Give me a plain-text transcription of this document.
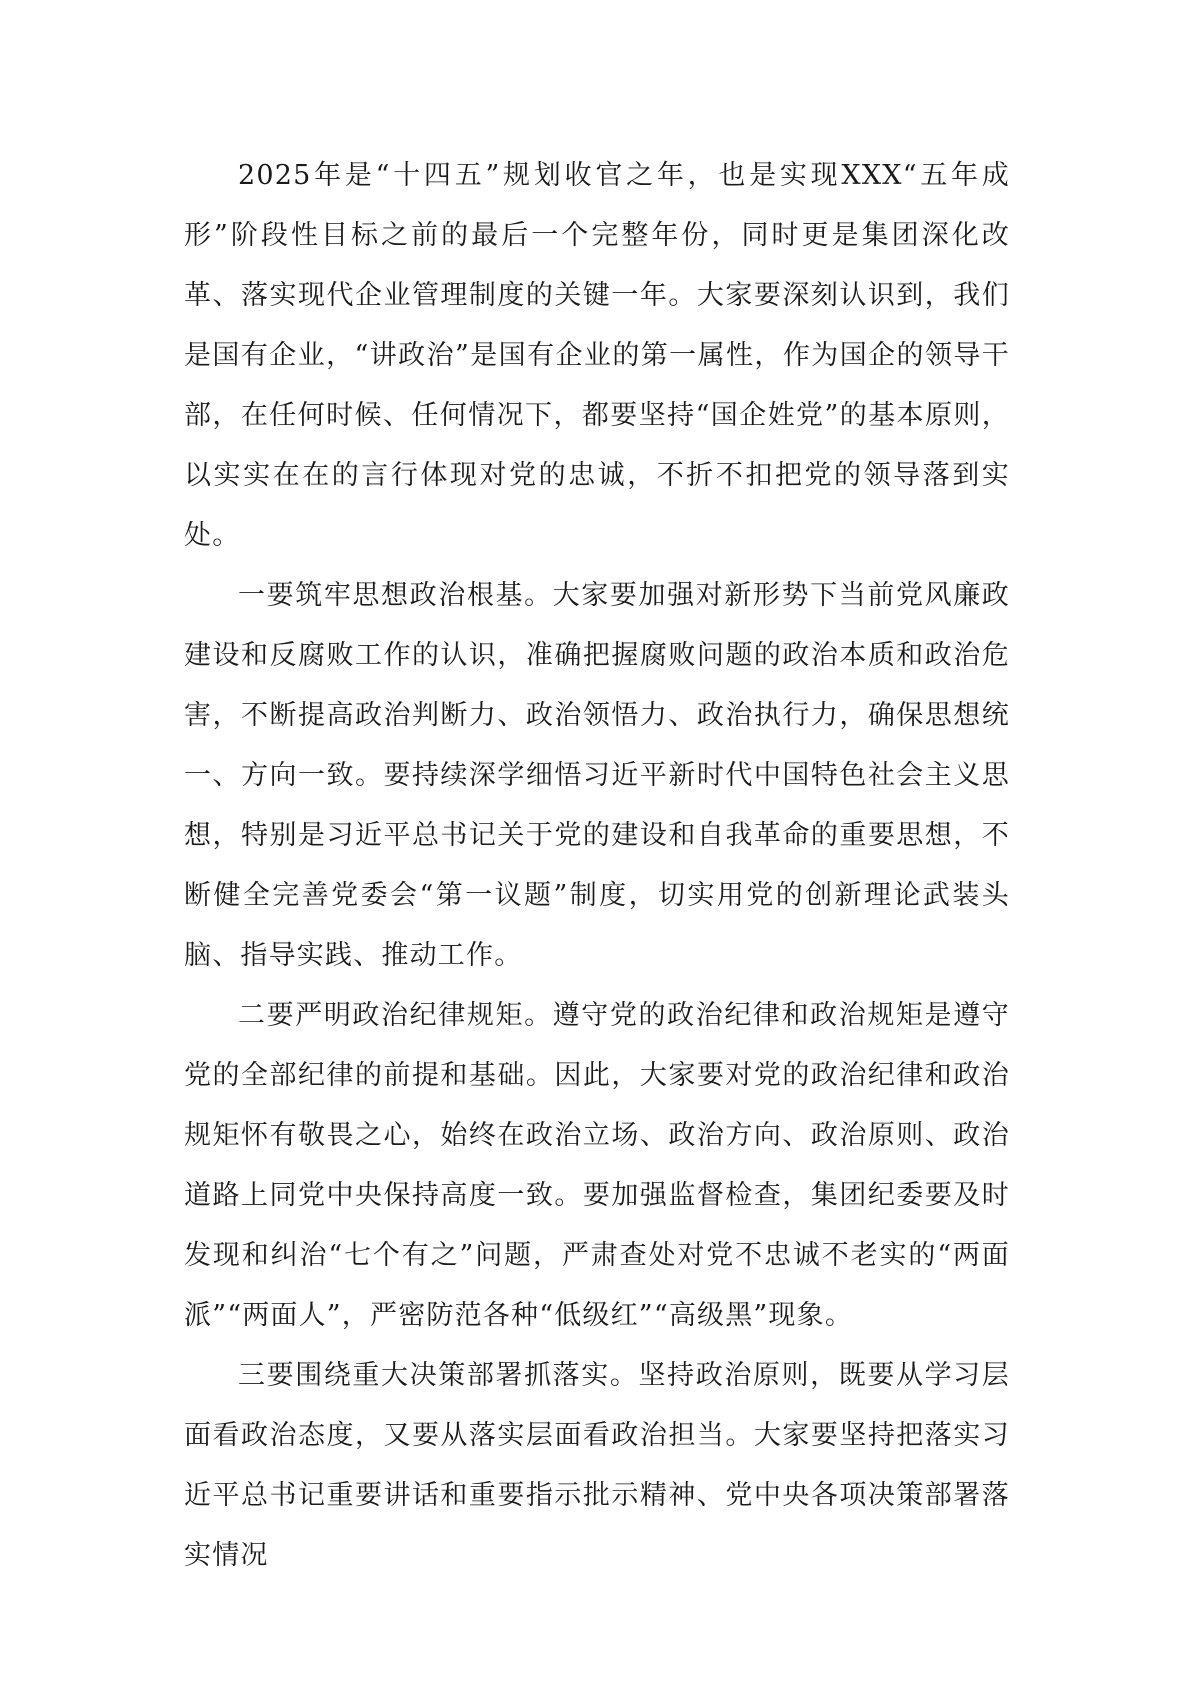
2025年是“十四五”规划收官之年，也是实现XXX“五年成形”阶段性目标之前的最后一个完整年份，同时更是集团深化改革、落实现代企业管理制度的关键一年。大家要深刻认识到，我们是国有企业，“讲政治”是国有企业的第一属性，作为国企的领导干部，在任何时候、任何情况下，都要坚持“国企姓党”的基本原则，以实实在在的言行体现对党的忠诚，不折不扣把党的领导落到实处。

一要筑牢思想政治根基。大家要加强对新形势下当前党风廉政建设和反腐败工作的认识，准确把握腐败问题的政治本质和政治危害，不断提高政治判断力、政治领悟力、政治执行力，确保思想统一、方向一致。要持续深学细悟习近平新时代中国特色社会主义思想，特别是习近平总书记关于党的建设和自我革命的重要思想，不断健全完善党委会“第一议题”制度，切实用党的创新理论武装头脑、指导实践、推动工作。

二要严明政治纪律规矩。遵守党的政治纪律和政治规矩是遵守党的全部纪律的前提和基础。因此，大家要对党的政治纪律和政治规矩怀有敬畏之心，始终在政治立场、政治方向、政治原则、政治道路上同党中央保持高度一致。要加强监督检查，集团纪委要及时发现和纠治“七个有之”问题，严肃查处对党不忠诚不老实的“两面派”“两面人”，严密防范各种“低级红”“高级黑”现象。

三要围绕重大决策部署抓落实。坚持政治原则，既要从学习层面看政治态度，又要从落实层面看政治担当。大家要坚持把落实习近平总书记重要讲话和重要指示批示精神、党中央各项决策部署落实情况
